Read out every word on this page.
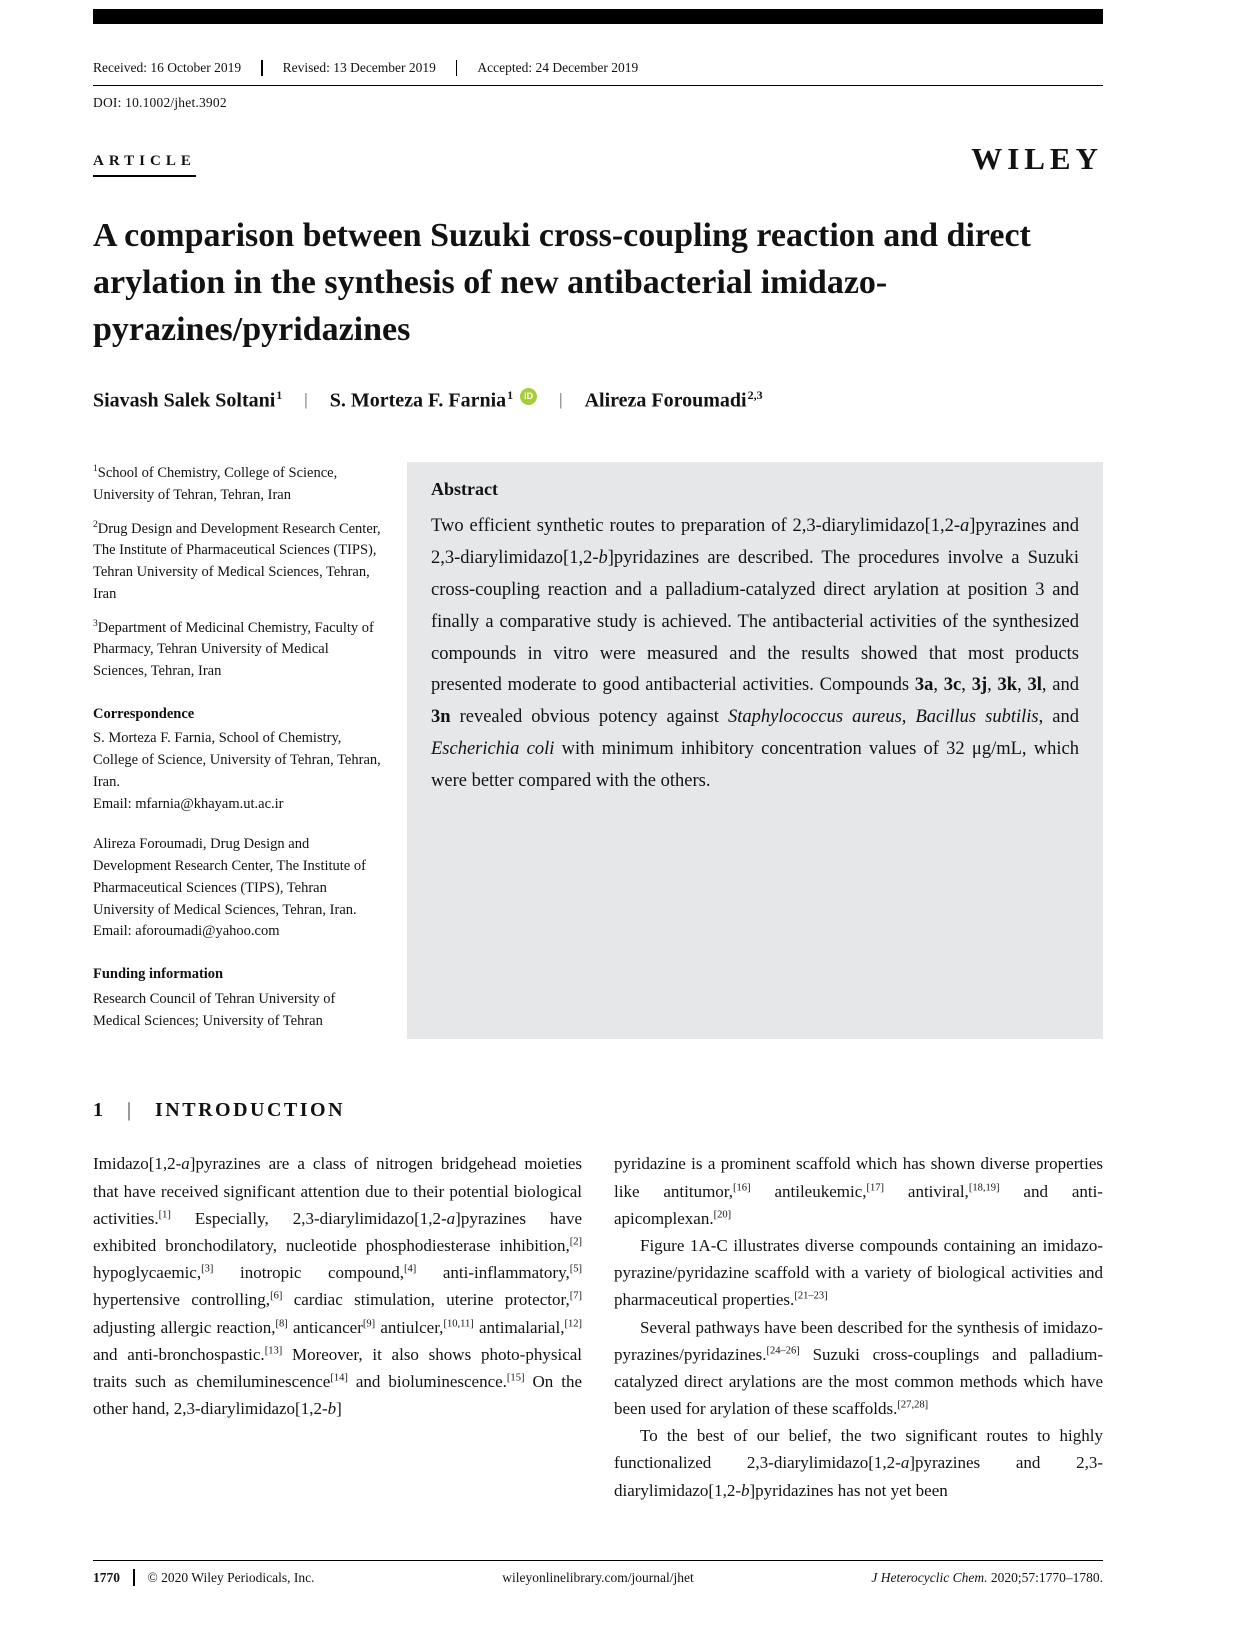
Received: 16 October 2019	Revised: 13 December 2019	Accepted: 24 December 2019
DOI: 10.1002/jhet.3902
ARTICLE	WILEY
A comparison between Suzuki cross-coupling reaction and direct arylation in the synthesis of new antibacterial imidazo-pyrazines/pyridazines
Siavash Salek Soltani$^1$ | S. Morteza F. Farnia$^1$ iD | Alireza Foroumadi$^{2,3}$

$^1$School of Chemistry, College of Science, University of Tehran, Tehran, Iran

$^2$Drug Design and Development Research Center, The Institute of Pharmaceutical Sciences (TIPS), Tehran University of Medical Sciences, Tehran, Iran

$^3$Department of Medicinal Chemistry, Faculty of Pharmacy, Tehran University of Medical Sciences, Tehran, Iran

Correspondence
S. Morteza F. Farnia, School of Chemistry, College of Science, University of Tehran, Tehran, Iran.
Email: mfarnia@khayam.ut.ac.ir
Alireza Foroumadi, Drug Design and Development Research Center, The Institute of Pharmaceutical Sciences (TIPS), Tehran University of Medical Sciences, Tehran, Iran.
Email: aforoumadi@yahoo.com
Funding information
Research Council of Tehran University of Medical Sciences; University of Tehran
Abstract
Two efficient synthetic routes to preparation of 2,3-diarylimidazo[1,2-a]pyrazines and 2,3-diarylimidazo[1,2-b]pyridazines are described. The procedures involve a Suzuki cross-coupling reaction and a palladium-catalyzed direct arylation at position 3 and finally a comparative study is achieved. The antibacterial activities of the synthesized compounds in vitro were measured and the results showed that most products presented moderate to good antibacterial activities. Compounds 3a, 3c, 3j, 3k, 3l, and 3n revealed obvious potency against Staphylococcus aureus, Bacillus subtilis, and Escherichia coli with minimum inhibitory concentration values of 32 μg/mL, which were better compared with the others.
1 | INTRODUCTION

Imidazo[1,2-a]pyrazines are a class of nitrogen bridgehead moieties that have received significant attention due to their potential biological activities.[1] Especially, 2,3-diarylimidazo[1,2-a]pyrazines have exhibited bronchodilatory, nucleotide phosphodiesterase inhibition,[2] hypoglycaemic,[3] inotropic compound,[4] anti-inflammatory,[5] hypertensive controlling,[6] cardiac stimulation, uterine protector,[7] adjusting allergic reaction,[8] anticancer[9] antiulcer,[10,11] antimalarial,[12] and anti-bronchospastic.[13] Moreover, it also shows photo-physical traits such as chemiluminescence[14] and bioluminescence.[15] On the other hand, 2,3-diarylimidazo[1,2-b]

pyridazine is a prominent scaffold which has shown diverse properties like antitumor,[16] antileukemic,[17] antiviral,[18,19] and anti-apicomplexan.[20]

Figure 1A-C illustrates diverse compounds containing an imidazo-pyrazine/pyridazine scaffold with a variety of biological activities and pharmaceutical properties.[21–23]

Several pathways have been described for the synthesis of imidazo-pyrazines/pyridazines.[24–26] Suzuki cross-couplings and palladium-catalyzed direct arylations are the most common methods which have been used for arylation of these scaffolds.[27,28]

To the best of our belief, the two significant routes to highly functionalized 2,3-diarylimidazo[1,2-a]pyrazines and 2,3-diarylimidazo[1,2-b]pyridazines has not yet been

1770 © 2020 Wiley Periodicals, Inc.	wileyonlinelibrary.com/journal/jhet	J Heterocyclic Chem. 2020;57:1770–1780.
